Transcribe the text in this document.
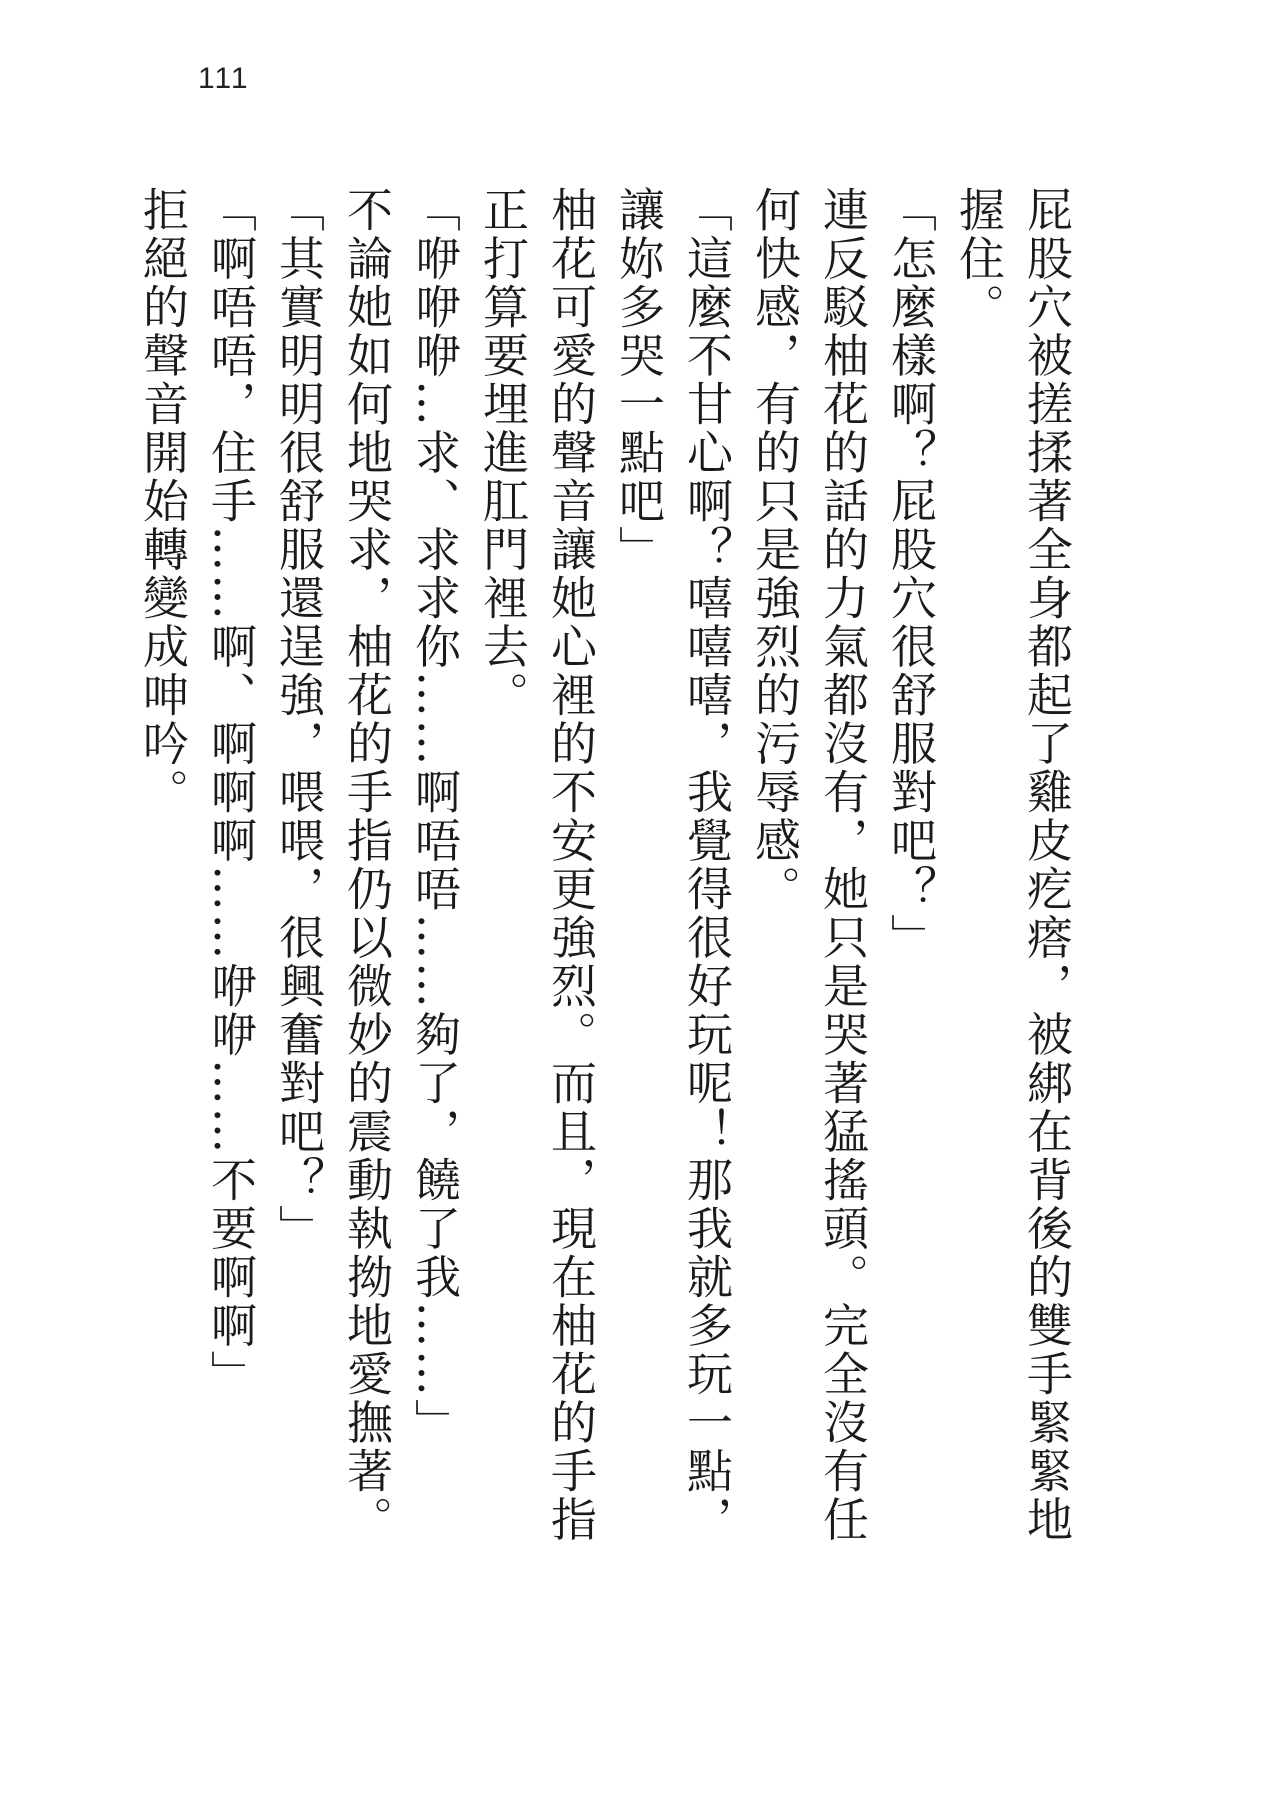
111
屁股穴被搓揉著全身都起了雞皮疙瘩，被綁在背後的雙手緊緊地
握住。
「怎麼樣啊？屁股穴很舒服對吧？」
連反駁柚花的話的力氣都沒有，她只是哭著猛搖頭。完全沒有任
何快感，有的只是強烈的污辱感。
「這麼不甘心啊？嘻嘻嘻，我覺得很好玩呢！那我就多玩一點，
讓妳多哭一點吧」
柚花可愛的聲音讓她心裡的不安更強烈。而且，現在柚花的手指
正打算要埋進肛門裡去。
「咿咿咿…求、求求你……啊唔唔……夠了，饒了我……」
不論她如何地哭求，柚花的手指仍以微妙的震動執拗地愛撫著。
「其實明明很舒服還逞強，喂喂，很興奮對吧？」
「啊唔唔，住手……啊、啊啊啊……咿咿……不要啊啊」
拒絕的聲音開始轉變成呻吟。
